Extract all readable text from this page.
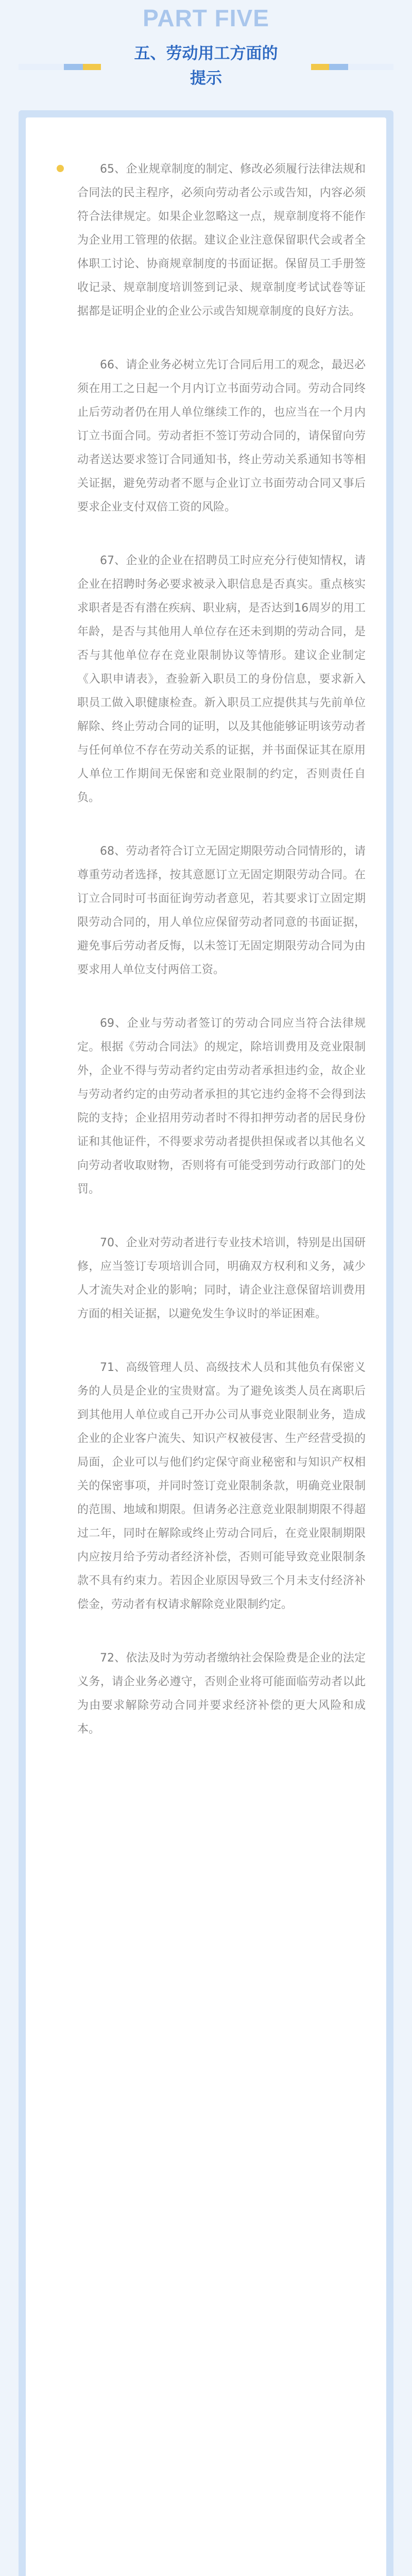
PART FIVE
五、劳动用工方面的
提示

65、企业规章制度的制定、修改必须履行法律法规和合同法的民主程序，必须向劳动者公示或告知，内容必须符合法律规定。如果企业忽略这一点，规章制度将不能作为企业用工管理的依据。建议企业注意保留职代会或者全体职工讨论、协商规章制度的书面证据。保留员工手册签收记录、规章制度培训签到记录、规章制度考试试卷等证据都是证明企业的企业公示或告知规章制度的良好方法。

66、请企业务必树立先订合同后用工的观念，最迟必须在用工之日起一个月内订立书面劳动合同。劳动合同终止后劳动者仍在用人单位继续工作的，也应当在一个月内订立书面合同。劳动者拒不签订劳动合同的，请保留向劳动者送达要求签订合同通知书，终止劳动关系通知书等相关证据，避免劳动者不愿与企业订立书面劳动合同又事后要求企业支付双倍工资的风险。

67、企业的企业在招聘员工时应充分行使知情权，请企业在招聘时务必要求被录入职信息是否真实。重点核实求职者是否有潜在疾病、职业病，是否达到16周岁的用工年龄，是否与其他用人单位存在还未到期的劳动合同，是否与其他单位存在竞业限制协议等情形。建议企业制定《入职申请表》，查验新入职员工的身份信息，要求新入职员工做入职健康检查。新入职员工应提供其与先前单位解除、终止劳动合同的证明，以及其他能够证明该劳动者与任何单位不存在劳动关系的证据，并书面保证其在原用人单位工作期间无保密和竞业限制的约定，否则责任自负。

68、劳动者符合订立无固定期限劳动合同情形的，请尊重劳动者选择，按其意愿订立无固定期限劳动合同。在订立合同时可书面征询劳动者意见，若其要求订立固定期限劳动合同的，用人单位应保留劳动者同意的书面证据，避免事后劳动者反悔，以未签订无固定期限劳动合同为由要求用人单位支付两倍工资。

69、企业与劳动者签订的劳动合同应当符合法律规定。根据《劳动合同法》的规定，除培训费用及竞业限制外，企业不得与劳动者约定由劳动者承担违约金，故企业与劳动者约定的由劳动者承担的其它违约金将不会得到法院的支持；企业招用劳动者时不得扣押劳动者的居民身份证和其他证件，不得要求劳动者提供担保或者以其他名义向劳动者收取财物，否则将有可能受到劳动行政部门的处罚。

70、企业对劳动者进行专业技术培训，特别是出国研修，应当签订专项培训合同，明确双方权利和义务，减少人才流失对企业的影响；同时，请企业注意保留培训费用方面的相关证据，以避免发生争议时的举证困难。

71、高级管理人员、高级技术人员和其他负有保密义务的人员是企业的宝贵财富。为了避免该类人员在离职后到其他用人单位或自己开办公司从事竞业限制业务，造成企业的企业客户流失、知识产权被侵害、生产经营受损的局面，企业可以与他们约定保守商业秘密和与知识产权相关的保密事项，并同时签订竞业限制条款，明确竞业限制的范围、地域和期限。但请务必注意竞业限制期限不得超过二年，同时在解除或终止劳动合同后，在竞业限制期限内应按月给予劳动者经济补偿，否则可能导致竞业限制条款不具有约束力。若因企业原因导致三个月未支付经济补偿金，劳动者有权请求解除竞业限制约定。

72、依法及时为劳动者缴纳社会保险费是企业的法定义务，请企业务必遵守，否则企业将可能面临劳动者以此为由要求解除劳动合同并要求经济补偿的更大风险和成本。
